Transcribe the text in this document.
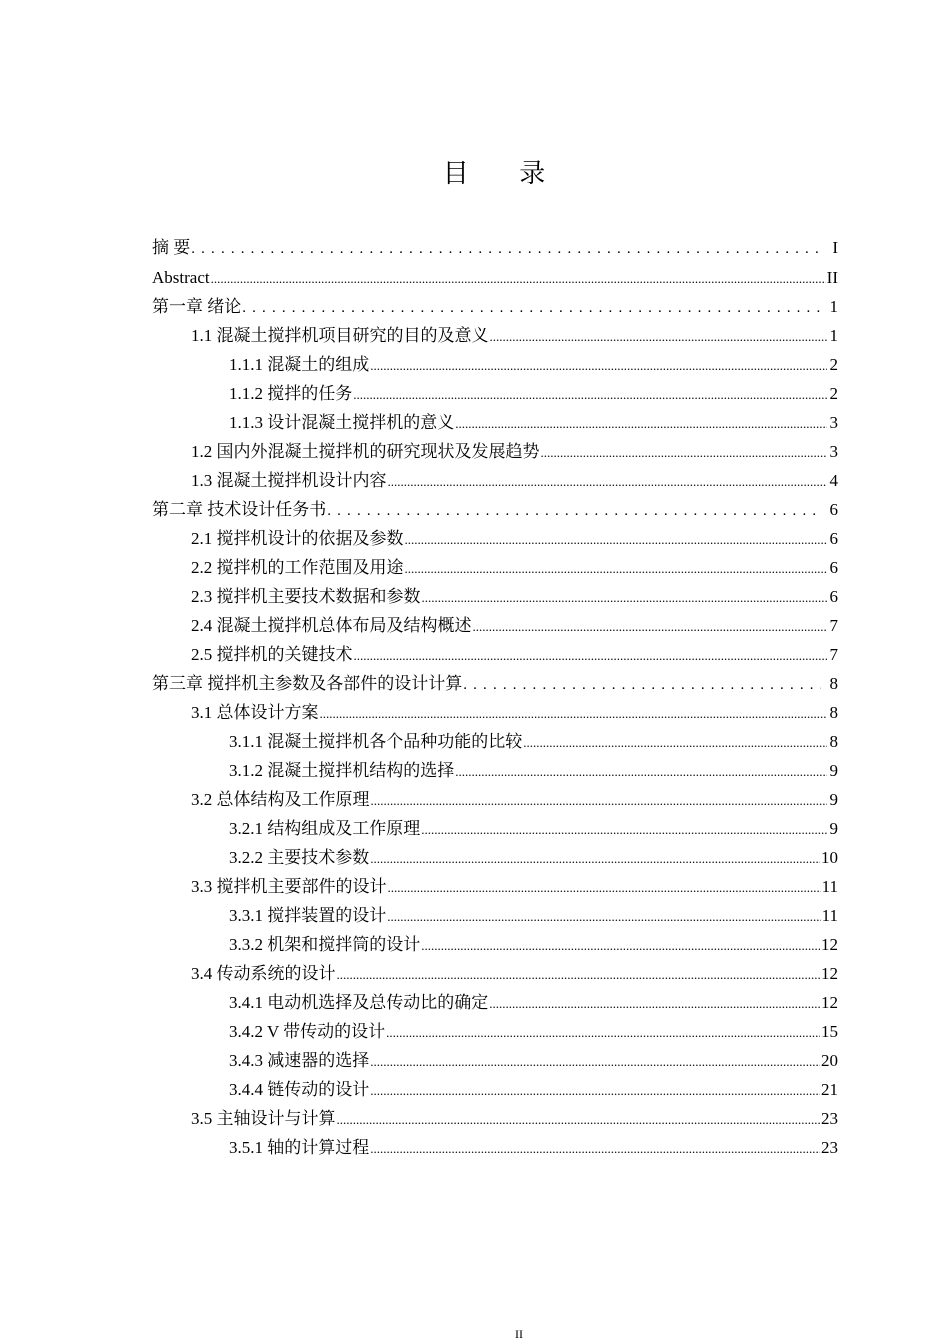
目 录
摘 要 . . .	I
Abstract .....	II
第一章 绪论 . . .	1
1.1 混凝土搅拌机项目研究的目的及意义 .....	1
1.1.1 混凝土的组成 .....	2
1.1.2 搅拌的任务 .....	2
1.1.3 设计混凝土搅拌机的意义 .....	3
1.2 国内外混凝土搅拌机的研究现状及发展趋势 .....	3
1.3 混凝土搅拌机设计内容 .....	4
第二章 技术设计任务书 . . .	6
2.1 搅拌机设计的依据及参数 .....	6
2.2 搅拌机的工作范围及用途 .....	6
2.3 搅拌机主要技术数据和参数 .....	6
2.4 混凝土搅拌机总体布局及结构概述 .....	7
2.5 搅拌机的关键技术 .....	7
第三章 搅拌机主参数及各部件的设计计算 . . .	8
3.1 总体设计方案 .....	8
3.1.1 混凝土搅拌机各个品种功能的比较 .....	8
3.1.2 混凝土搅拌机结构的选择 .....	9
3.2 总体结构及工作原理 .....	9
3.2.1 结构组成及工作原理 .....	9
3.2.2 主要技术参数 .....	10
3.3 搅拌机主要部件的设计 .....	11
3.3.1 搅拌装置的设计 .....	11
3.3.2 机架和搅拌筒的设计 .....	12
3.4 传动系统的设计 .....	12
3.4.1 电动机选择及总传动比的确定 .....	12
3.4.2 V 带传动的设计 .....	15
3.4.3 减速器的选择 .....	20
3.4.4 链传动的设计 .....	21
3.5 主轴设计与计算 .....	23
3.5.1 轴的计算过程 .....	23
II
